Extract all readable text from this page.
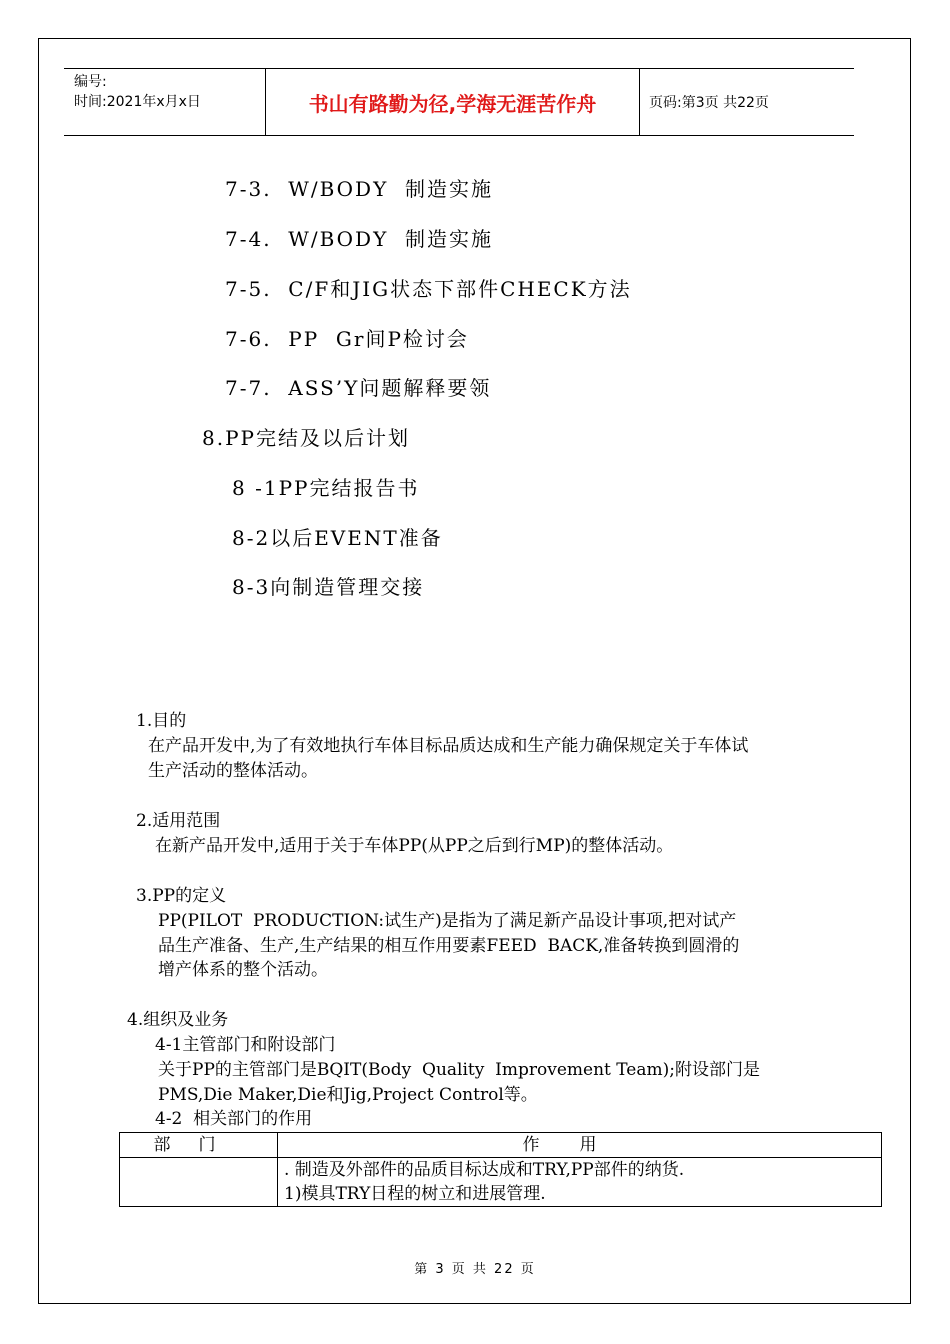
编号:
时间:2021年x月x日	书山有路勤为径,学海无涯苦作舟	页码:第3页 共22页
7-3.  W/BODY  制造实施
7-4.  W/BODY  制造实施
7-5.  C/F和JIG状态下部件CHECK方法
7-6.  PP  Gr间P检讨会
7-7.  ASS’Y问题解释要领
8.PP完结及以后计划
8 -1PP完结报告书
8-2以后EVENT准备
8-3向制造管理交接
1.目的
在产品开发中,为了有效地执行车体目标品质达成和生产能力确保规定关于车体试
生产活动的整体活动。
2.适用范围
在新产品开发中,适用于关于车体PP(从PP之后到行MP)的整体活动。
3.PP的定义
PP(PILOT  PRODUCTION:试生产)是指为了满足新产品设计事项,把对试产
品生产准备、生产,生产结果的相互作用要素FEED  BACK,准备转换到圆滑的
增产体系的整个活动。
4.组织及业务
4-1主管部门和附设部门
关于PP的主管部门是BQIT(Body  Quality  Improvement Team);附设部门是
PMS,Die Maker,Die和Jig,Project Control等。
4-2  相关部门的作用
部门	作用

	. 制造及外部件的品质目标达成和TRY,PP部件的纳货.
1)模具TRY日程的树立和进展管理.
第 3 页 共 22 页
